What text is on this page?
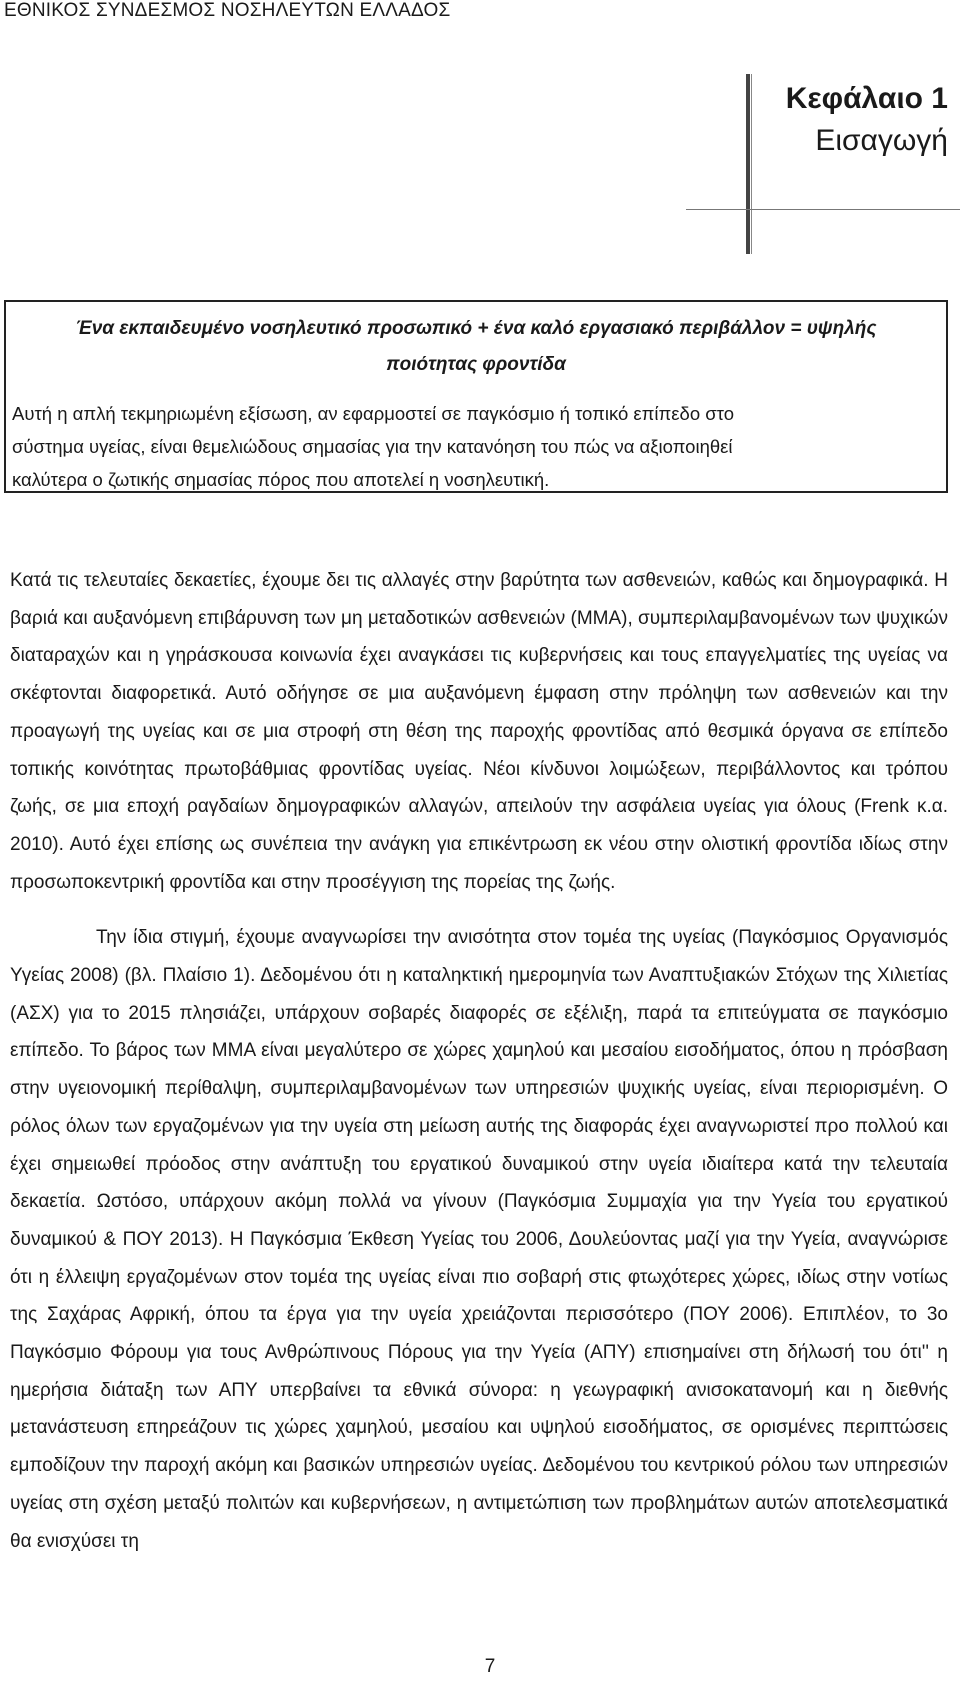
ΕΘΝΙΚΟΣ ΣΥΝΔΕΣΜΟΣ ΝΟΣΗΛΕΥΤΩΝ ΕΛΛΑΔΟΣ
Κεφάλαιο 1
Εισαγωγή
Ένα εκπαιδευμένο νοσηλευτικό προσωπικό + ένα καλό εργασιακό περιβάλλον = υψηλής
ποιότητας φροντίδα
Αυτή η απλή τεκμηριωμένη εξίσωση, αν εφαρμοστεί σε παγκόσμιο ή τοπικό επίπεδο στο
σύστημα υγείας, είναι θεμελιώδους σημασίας για την κατανόηση του πώς να αξιοποιηθεί
καλύτερα ο ζωτικής σημασίας πόρος που αποτελεί η νοσηλευτική.

Κατά τις τελευταίες δεκαετίες, έχουμε δει τις αλλαγές στην βαρύτητα των ασθενειών, καθώς και δημογραφικά. Η βαριά και αυξανόμενη επιβάρυνση των μη μεταδοτικών ασθενειών (ΜΜΑ), συμπεριλαμβανομένων των ψυχικών διαταραχών και η γηράσκουσα κοινωνία έχει αναγκάσει τις κυβερνήσεις και τους επαγγελματίες της υγείας να σκέφτονται διαφορετικά. Αυτό οδήγησε σε μια αυξανόμενη έμφαση στην πρόληψη των ασθενειών και την προαγωγή της υγείας και σε μια στροφή στη θέση της παροχής φροντίδας από θεσμικά όργανα σε επίπεδο τοπικής κοινότητας πρωτοβάθμιας φροντίδας υγείας. Νέοι κίνδυνοι λοιμώξεων, περιβάλλοντος και τρόπου ζωής, σε μια εποχή ραγδαίων δημογραφικών αλλαγών, απειλούν την ασφάλεια υγείας για όλους (Frenk κ.α. 2010). Αυτό έχει επίσης ως συνέπεια την ανάγκη για επικέντρωση εκ νέου στην ολιστική φροντίδα ιδίως στην προσωποκεντρική φροντίδα και στην προσέγγιση της πορείας της ζωής.

Την ίδια στιγμή, έχουμε αναγνωρίσει την ανισότητα στον τομέα της υγείας (Παγκόσμιος Οργανισμός Υγείας 2008) (βλ. Πλαίσιο 1). Δεδομένου ότι η καταληκτική ημερομηνία των Αναπτυξιακών Στόχων της Χιλιετίας (ΑΣΧ) για το 2015 πλησιάζει, υπάρχουν σοβαρές διαφορές σε εξέλιξη, παρά τα επιτεύγματα σε παγκόσμιο επίπεδο. Το βάρος των ΜΜΑ είναι μεγαλύτερο σε χώρες χαμηλού και μεσαίου εισοδήματος, όπου η πρόσβαση στην υγειονομική περίθαλψη, συμπεριλαμβανομένων των υπηρεσιών ψυχικής υγείας, είναι περιορισμένη. Ο ρόλος όλων των εργαζομένων για την υγεία στη μείωση αυτής της διαφοράς έχει αναγνωριστεί προ πολλού και έχει σημειωθεί πρόοδος στην ανάπτυξη του εργατικού δυναμικού στην υγεία ιδιαίτερα κατά την τελευταία δεκαετία. Ωστόσο, υπάρχουν ακόμη πολλά να γίνουν (Παγκόσμια Συμμαχία για την Υγεία του εργατικού δυναμικού & ΠΟΥ 2013). Η Παγκόσμια Έκθεση Υγείας του 2006, Δουλεύοντας μαζί για την Υγεία, αναγνώρισε ότι η έλλειψη εργαζομένων στον τομέα της υγείας είναι πιο σοβαρή στις φτωχότερες χώρες, ιδίως στην νοτίως της Σαχάρας Αφρική, όπου τα έργα για την υγεία χρειάζονται περισσότερο (ΠΟΥ 2006). Επιπλέον, το 3ο Παγκόσμιο Φόρουμ για τους Ανθρώπινους Πόρους για την Υγεία (ΑΠΥ) επισημαίνει στη δήλωσή του ότι'' η ημερήσια διάταξη των ΑΠΥ υπερβαίνει τα εθνικά σύνορα: η γεωγραφική ανισοκατανομή και η διεθνής μετανάστευση επηρεάζουν τις χώρες χαμηλού, μεσαίου και υψηλού εισοδήματος, σε ορισμένες περιπτώσεις εμποδίζουν την παροχή ακόμη και βασικών υπηρεσιών υγείας. Δεδομένου του κεντρικού ρόλου των υπηρεσιών υγείας στη σχέση μεταξύ πολιτών και κυβερνήσεων, η αντιμετώπιση των προβλημάτων αυτών αποτελεσματικά θα ενισχύσει τη

7
